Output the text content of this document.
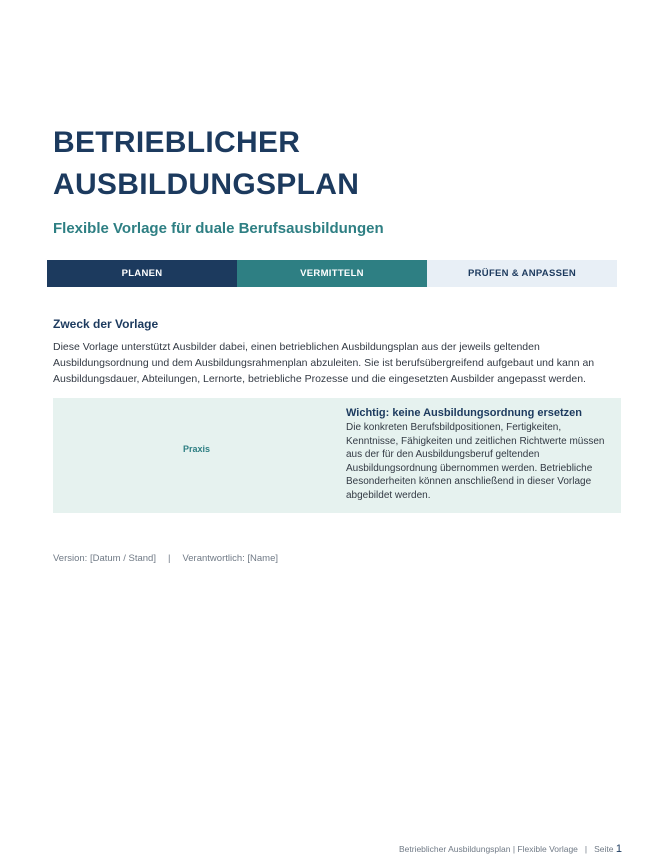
BETRIEBLICHER
AUSBILDUNGSPLAN
Flexible Vorlage für duale Berufsausbildungen
PLANEN	VERMITTELN	PRÜFEN & ANPASSEN
Zweck der Vorlage

Diese Vorlage unterstützt Ausbilder dabei, einen betrieblichen Ausbildungsplan aus der jeweils geltenden Ausbildungsordnung und dem Ausbildungsrahmenplan abzuleiten. Sie ist berufsübergreifend aufgebaut und kann an Ausbildungsdauer, Abteilungen, Lernorte, betriebliche Prozesse und die eingesetzten Ausbilder angepasst werden.

Praxis
Wichtig: keine Ausbildungsordnung ersetzen

Die konkreten Berufsbildpositionen, Fertigkeiten, Kenntnisse, Fähigkeiten und zeitlichen Richtwerte müssen aus der für den Ausbildungsberuf geltenden Ausbildungsordnung übernommen werden. Betriebliche Besonderheiten können anschließend in dieser Vorlage abgebildet werden.

Version: [Datum / Stand] | Verantwortlich: [Name]
Betrieblicher Ausbildungsplan | Flexible Vorlage | Seite 1
